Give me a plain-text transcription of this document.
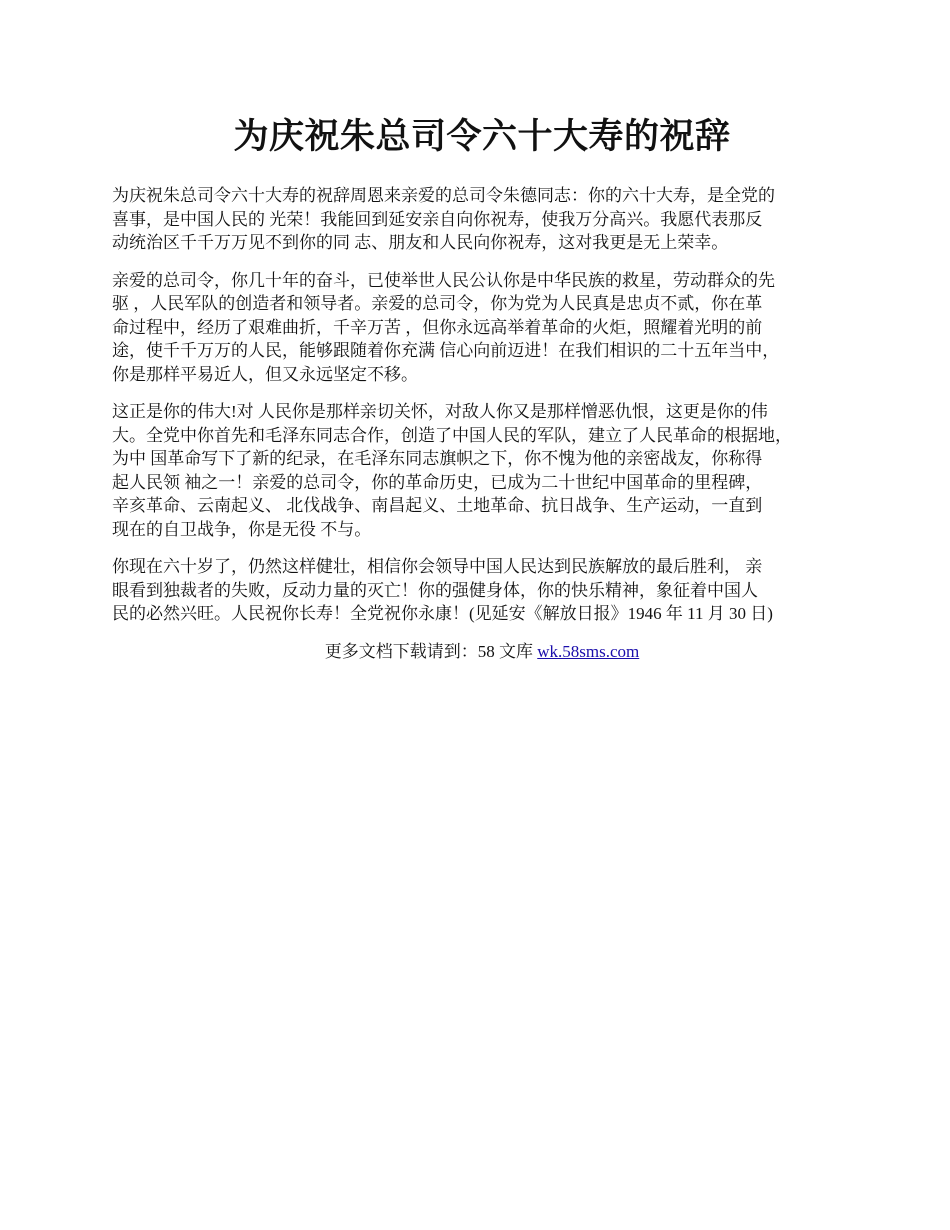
为庆祝朱总司令六十大寿的祝辞
为庆祝朱总司令六十大寿的祝辞周恩来亲爱的总司令朱德同志：你的六十大寿，是全党的
喜事，是中国人民的 光荣！我能回到延安亲自向你祝寿，使我万分高兴。我愿代表那反
动统治区千千万万见不到你的同 志、朋友和人民向你祝寿，这对我更是无上荣幸。
亲爱的总司令，你几十年的奋斗，已使举世人民公认你是中华民族的救星，劳动群众的先
驱 ，人民军队的创造者和领导者。亲爱的总司令，你为党为人民真是忠贞不贰，你在革
命过程中，经历了艰难曲折，千辛万苦 ，但你永远高举着革命的火炬，照耀着光明的前
途，使千千万万的人民，能够跟随着你充满 信心向前迈进！在我们相识的二十五年当中，
你是那样平易近人，但又永远坚定不移。
这正是你的伟大!对 人民你是那样亲切关怀，对敌人你又是那样憎恶仇恨，这更是你的伟
大。全党中你首先和毛泽东同志合作，创造了中国人民的军队，建立了人民革命的根据地，
为中 国革命写下了新的纪录，在毛泽东同志旗帜之下，你不愧为他的亲密战友，你称得
起人民领 袖之一！亲爱的总司令，你的革命历史，已成为二十世纪中国革命的里程碑，
辛亥革命、云南起义、 北伐战争、南昌起义、土地革命、抗日战争、生产运动，一直到
现在的自卫战争，你是无役 不与。
你现在六十岁了，仍然这样健壮，相信你会领导中国人民达到民族解放的最后胜利， 亲
眼看到独裁者的失败，反动力量的灭亡！你的强健身体，你的快乐精神，象征着中国人
民的必然兴旺。人民祝你长寿！全党祝你永康！(见延安《解放日报》1946 年 11 月 30 日)
更多文档下载请到：58 文库 wk.58sms.com
